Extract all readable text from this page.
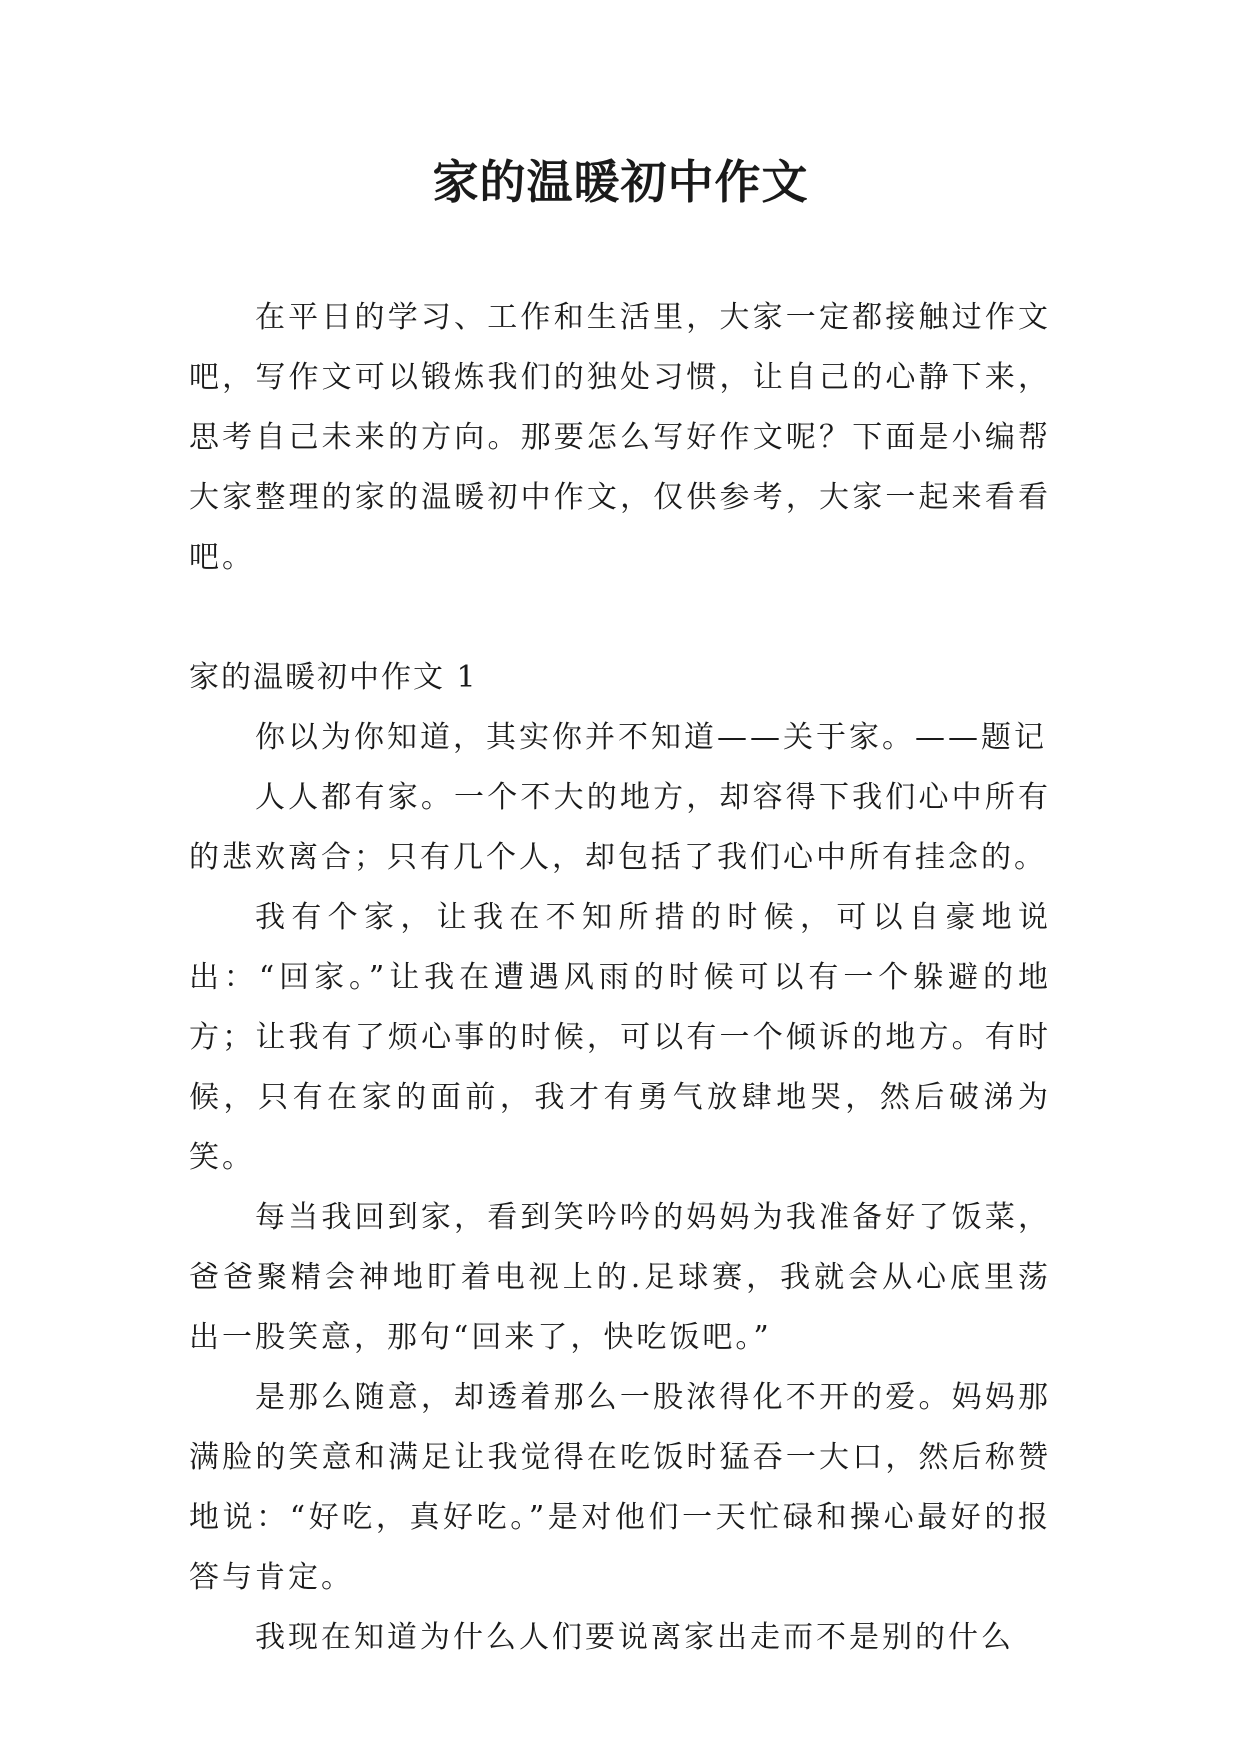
家的温暖初中作文

在平日的学习、工作和生活里，大家一定都接触过作文吧，写作文可以锻炼我们的独处习惯，让自己的心静下来，思考自己未来的方向。那要怎么写好作文呢？下面是小编帮大家整理的家的温暖初中作文，仅供参考，大家一起来看看吧。

家的温暖初中作文 1

你以为你知道，其实你并不知道——关于家。——题记

人人都有家。一个不大的地方，却容得下我们心中所有的悲欢离合；只有几个人，却包括了我们心中所有挂念的。

我有个家，让我在不知所措的时候，可以自豪地说出：“回家。”让我在遭遇风雨的时候可以有一个躲避的地方；让我有了烦心事的时候，可以有一个倾诉的地方。有时候，只有在家的面前，我才有勇气放肆地哭，然后破涕为笑。

每当我回到家，看到笑吟吟的妈妈为我准备好了饭菜，爸爸聚精会神地盯着电视上的.足球赛，我就会从心底里荡出一股笑意，那句“回来了，快吃饭吧。”

是那么随意，却透着那么一股浓得化不开的爱。妈妈那满脸的笑意和满足让我觉得在吃饭时猛吞一大口，然后称赞地说：“好吃，真好吃。”是对他们一天忙碌和操心最好的报答与肯定。

我现在知道为什么人们要说离家出走而不是别的什么
